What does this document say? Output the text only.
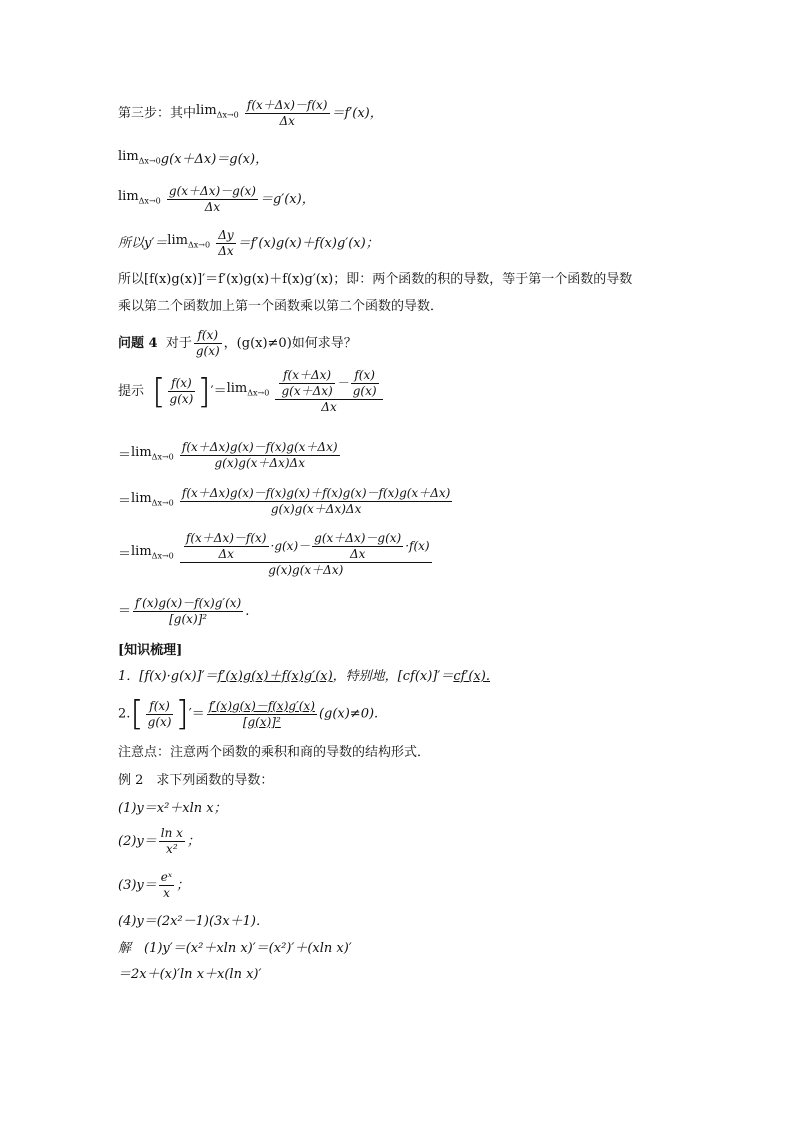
第三步：其中$\lim_{\Delta x\to 0} \frac{f(x+\Delta x)-f(x)}{\Delta x} =f'(x)$，
$\lim_{\Delta x\to 0}g(x+\Delta x)=g(x)$，
$\lim_{\Delta x\to 0} \frac{g(x+\Delta x)-g(x)}{\Delta x} =g'(x)$，
所以$y'=\lim_{\Delta x\to 0} \frac{\Delta y}{\Delta x} =f'(x)g(x)+f(x)g'(x)$；
所以[f(x)g(x)]′＝f′(x)g(x)＋f(x)g′(x)；即：两个函数的积的导数，等于第一个函数的导数
乘以第二个函数加上第一个函数乘以第二个函数的导数．
问题 4 对于 $\frac{f(x)}{g(x)}$ ，(g(x)≠0)如何求导？
提示 [ $\frac{f(x)}{g(x)} ]'=\lim_{\Delta x\to 0} \frac{\frac{f(x+\Delta x)}{g(x+\Delta x)} - \frac{f(x)}{g(x)}}{\Delta x}$
$=\lim_{\Delta x\to 0} \frac{f(x+\Delta x)g(x)-f(x)g(x+\Delta x)}{g(x)g(x+\Delta x)\Delta x}$
$=\lim_{\Delta x\to 0} \frac{f(x+\Delta x)g(x)-f(x)g(x)+f(x)g(x)-f(x)g(x+\Delta x)}{g(x)g(x+\Delta x)\Delta x}$
$=\lim_{\Delta x\to 0} \frac{\frac{f(x+\Delta x)-f(x)}{\Delta x} \cdot g(x)- \frac{g(x+\Delta x)-g(x)}{\Delta x} \cdot f(x)}{g(x)g(x+\Delta x)}$
＝ $\frac{f'(x)g(x)-f(x)g'(x)}{\text{[g(x)]²}}$ .
[知识梳理]
1．[f(x)·g(x)]′＝f′(x)g(x)＋f(x)g′(x)，特别地，[cf(x)]′＝cf′(x).
$2.[ \frac{f(x)}{g(x)}$ ]′＝ $\frac{f'(x)g(x)-f(x)g'(x)}{\text{[g(x)]²}} (g(x)\ne 0)$.
注意点：注意两个函数的乘积和商的导数的结构形式．
例 2　求下列函数的导数：
(1)y＝x²＋xln x；
$(2)y= \frac{\text{ln x}}{\text{x²}}$ ；
$(3)y= \frac{\text{eˣ}}{x}$ ；
(4)y＝(2x²－1)(3x＋1)．
解　(1)y′＝(x²＋xln x)′＝(x²)′＋(xln x)′
＝2x＋(x)′ln x＋x(ln x)′
